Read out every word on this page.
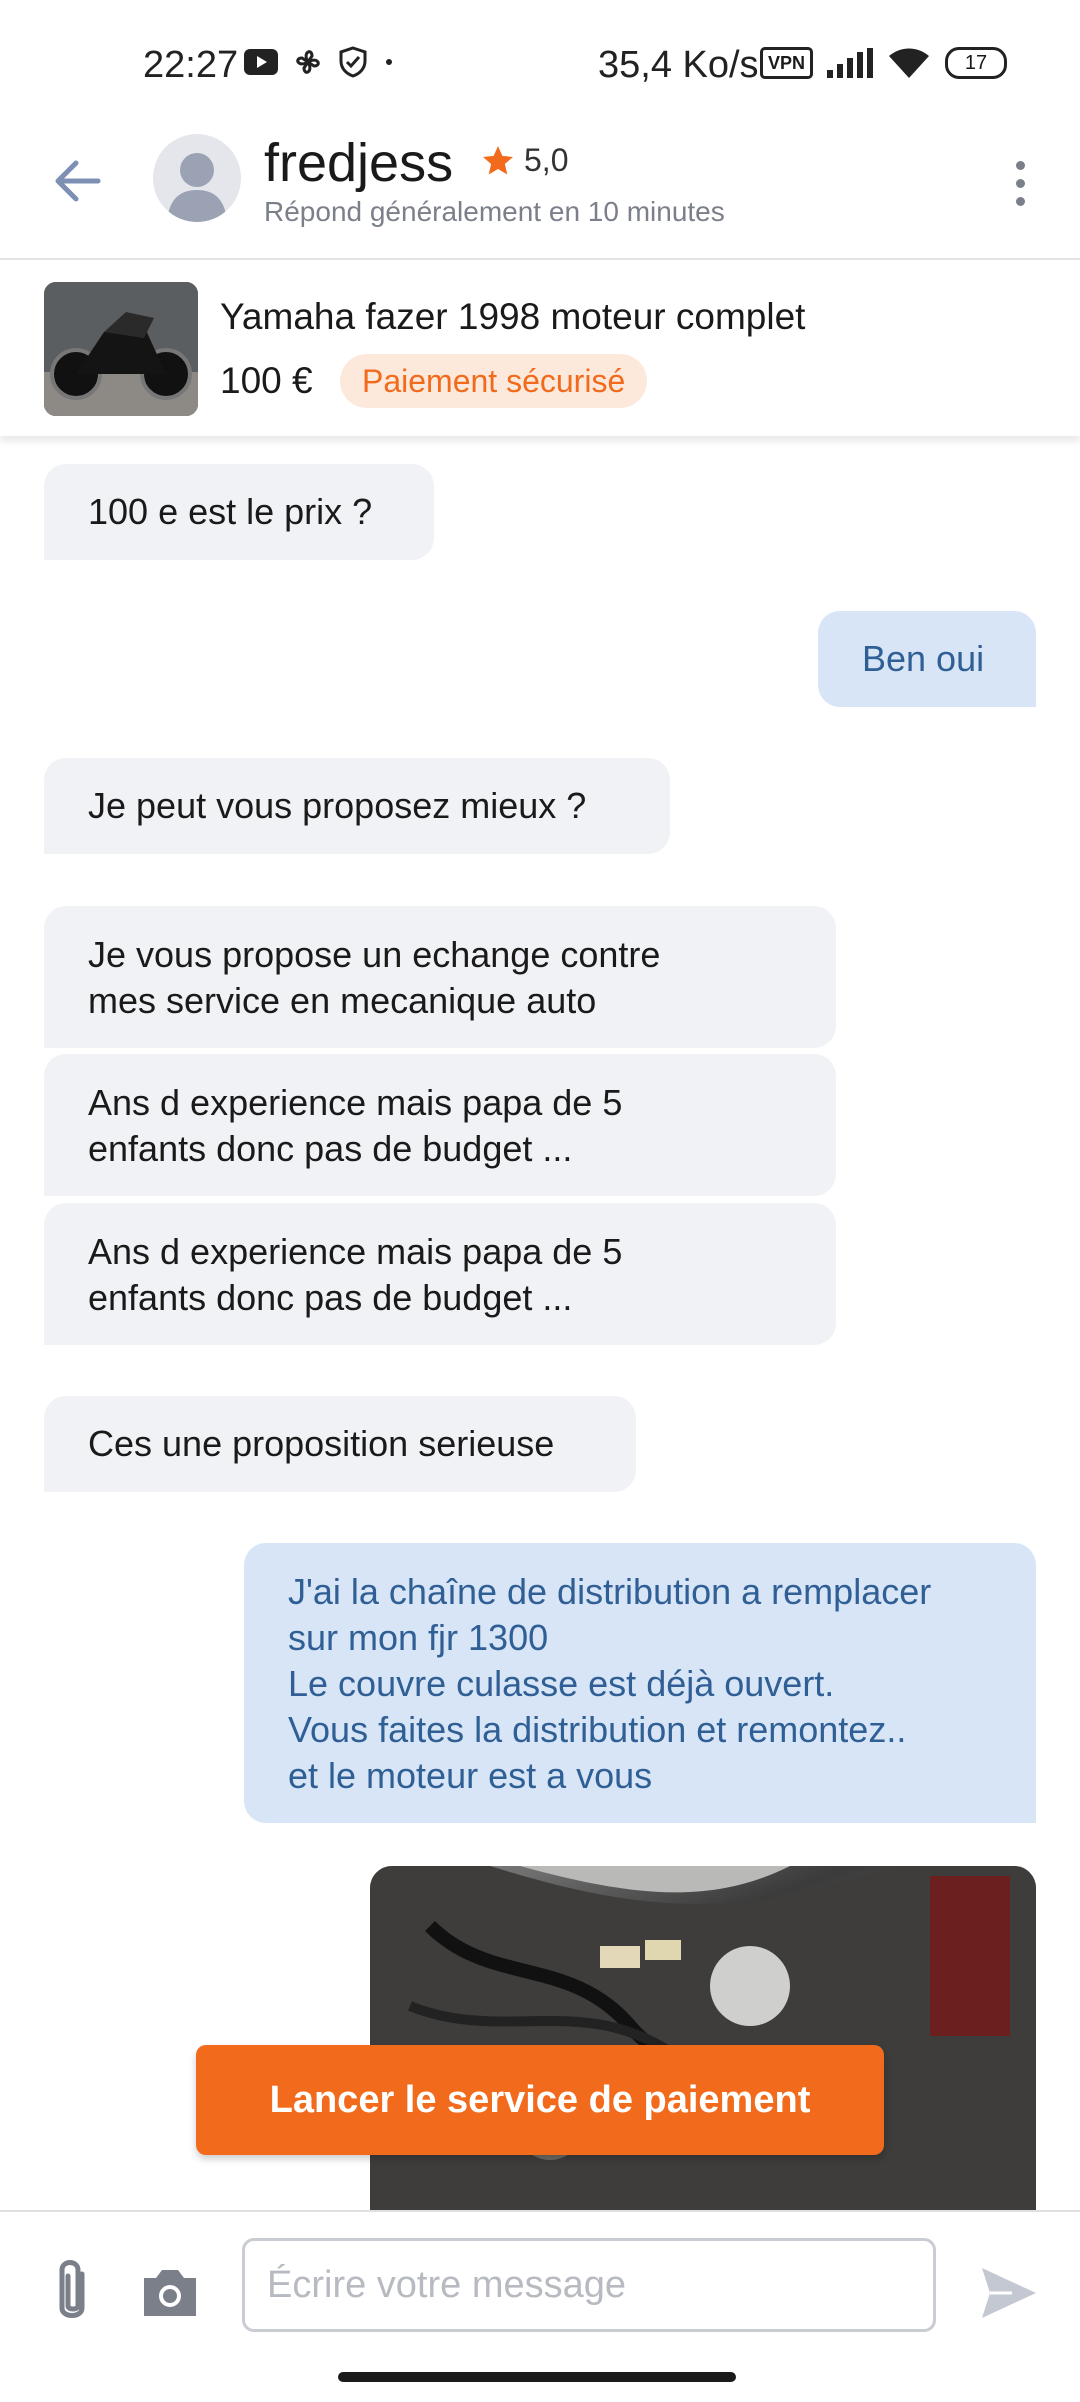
22:27	35,4 Ko/s VPN	17
fredjess 5,0
Répond généralement en 10 minutes
Yamaha fazer 1998 moteur complet
100 €	Paiement sécurisé
100 e est le prix ?
Ben oui
Je peut vous proposez mieux ?
Je vous propose un echange contre
mes service en mecanique auto
Ans d experience mais papa de 5
enfants donc pas de budget ...
Ans d experience mais papa de 5
enfants donc pas de budget ...
Ces une proposition serieuse
J'ai la chaîne de distribution a remplacer
sur mon fjr 1300
Le couvre culasse est déjà ouvert.
Vous faites la distribution et remontez..
et le moteur est a vous
Lancer le service de paiement
Écrire votre message
